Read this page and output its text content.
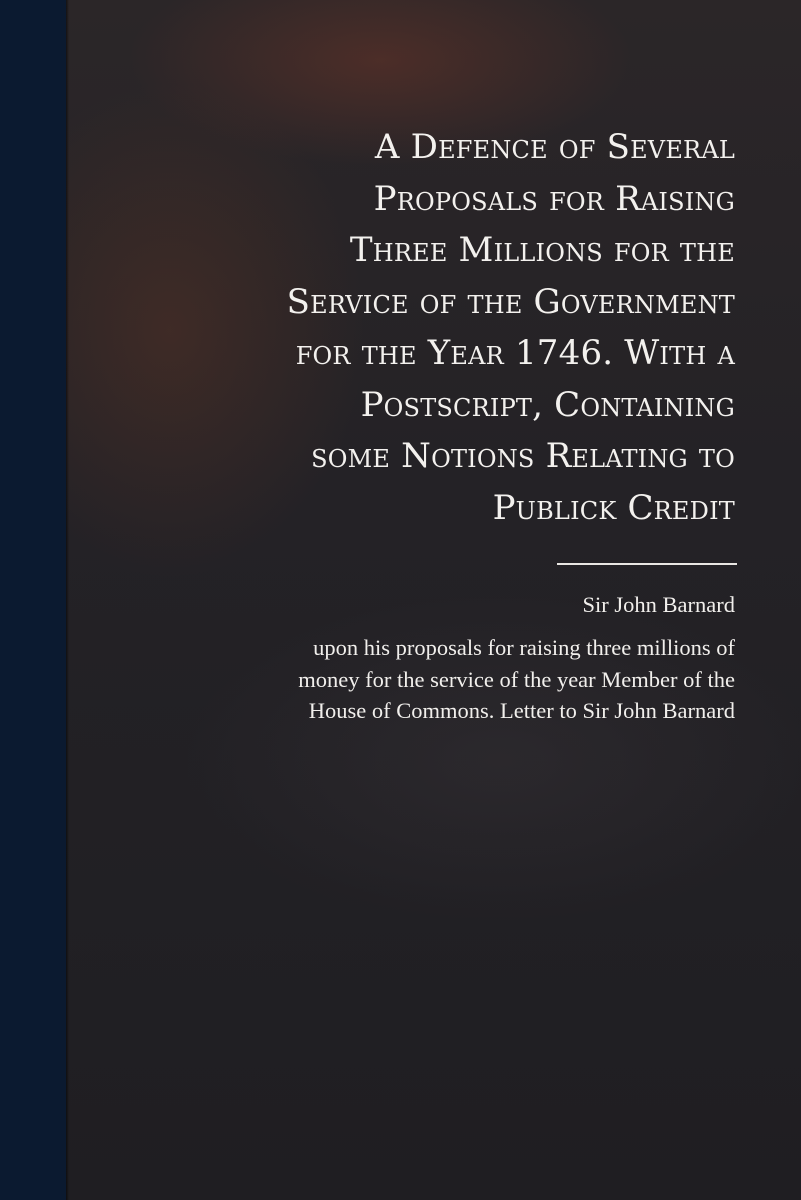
A Defence of Several
Proposals for Raising
Three Millions for the
Service of the Government
for the Year 1746. With a
Postscript, Containing
some Notions Relating to
Publick Credit

Sir John Barnard

upon his proposals for raising three millions of
money for the service of the year Member of the
House of Commons. Letter to Sir John Barnard
